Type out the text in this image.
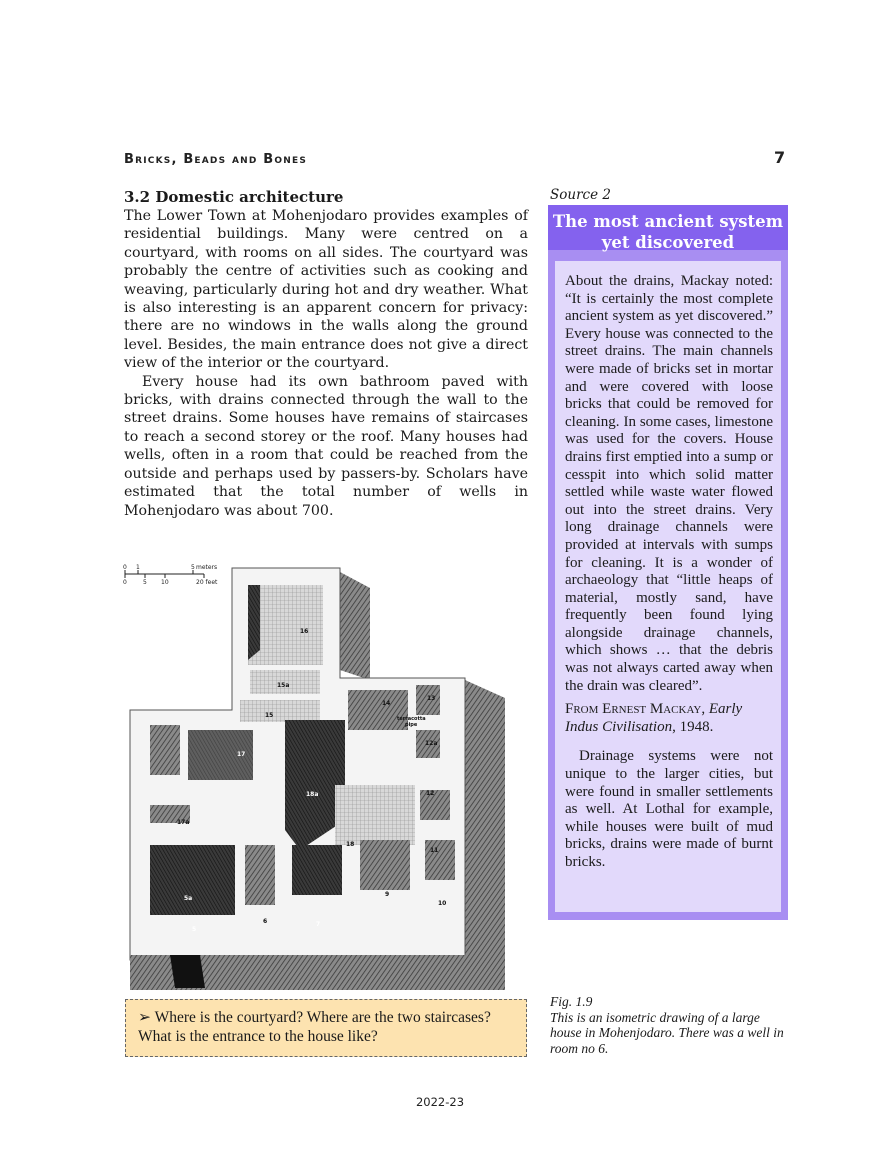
Bricks, Beads and Bones	7
3.2 Domestic architecture

The Lower Town at Mohenjodaro provides examples of residential buildings. Many were centred on a courtyard, with rooms on all sides. The courtyard was probably the centre of activities such as cooking and weaving, particularly during hot and dry weather. What is also interesting is an apparent concern for privacy: there are no windows in the walls along the ground level. Besides, the main entrance does not give a direct view of the interior or the courtyard.

Every house had its own bathroom paved with bricks, with drains connected through the wall to the street drains. Some houses have remains of staircases to reach a second storey or the roof. Many houses had wells, often in a room that could be reached from the outside and perhaps used by passers-by. Scholars have estimated that the total number of wells in Mohenjodaro was about 700.

Source 2
The most ancient system yet discovered

About the drains, Mackay noted: “It is certainly the most complete ancient system as yet discovered.” Every house was connected to the street drains. The main channels were made of bricks set in mortar and were covered with loose bricks that could be removed for cleaning. In some cases, limestone was used for the covers. House drains first emptied into a sump or cesspit into which solid matter settled while waste water flowed out into the street drains. Very long drainage channels were provided at intervals with sumps for cleaning. It is a wonder of archaeology that “little heaps of material, mostly sand, have frequently been found lying alongside drainage channels, which shows … that the debris was not always carted away when the drain was cleared”.

From Ernest Mackay, Early Indus Civilisation, 1948.

Drainage systems were not unique to the larger cities, but were found in smaller settlements as well. At Lothal for example, while houses were built of mud bricks, drains were made of burnt bricks.

0 1	5 meters
0	5 10	20 feet
16
15a
15
14
13
terracotta
pipe
12a
12
18a
17
17a
18
11
5a
5
6	7
9
10
➢ Where is the courtyard? Where are the two staircases? What is the entrance to the house like?
Fig. 1.9
This is an isometric drawing of a large house in Mohenjodaro. There was a well in room no 6.
2022-23
